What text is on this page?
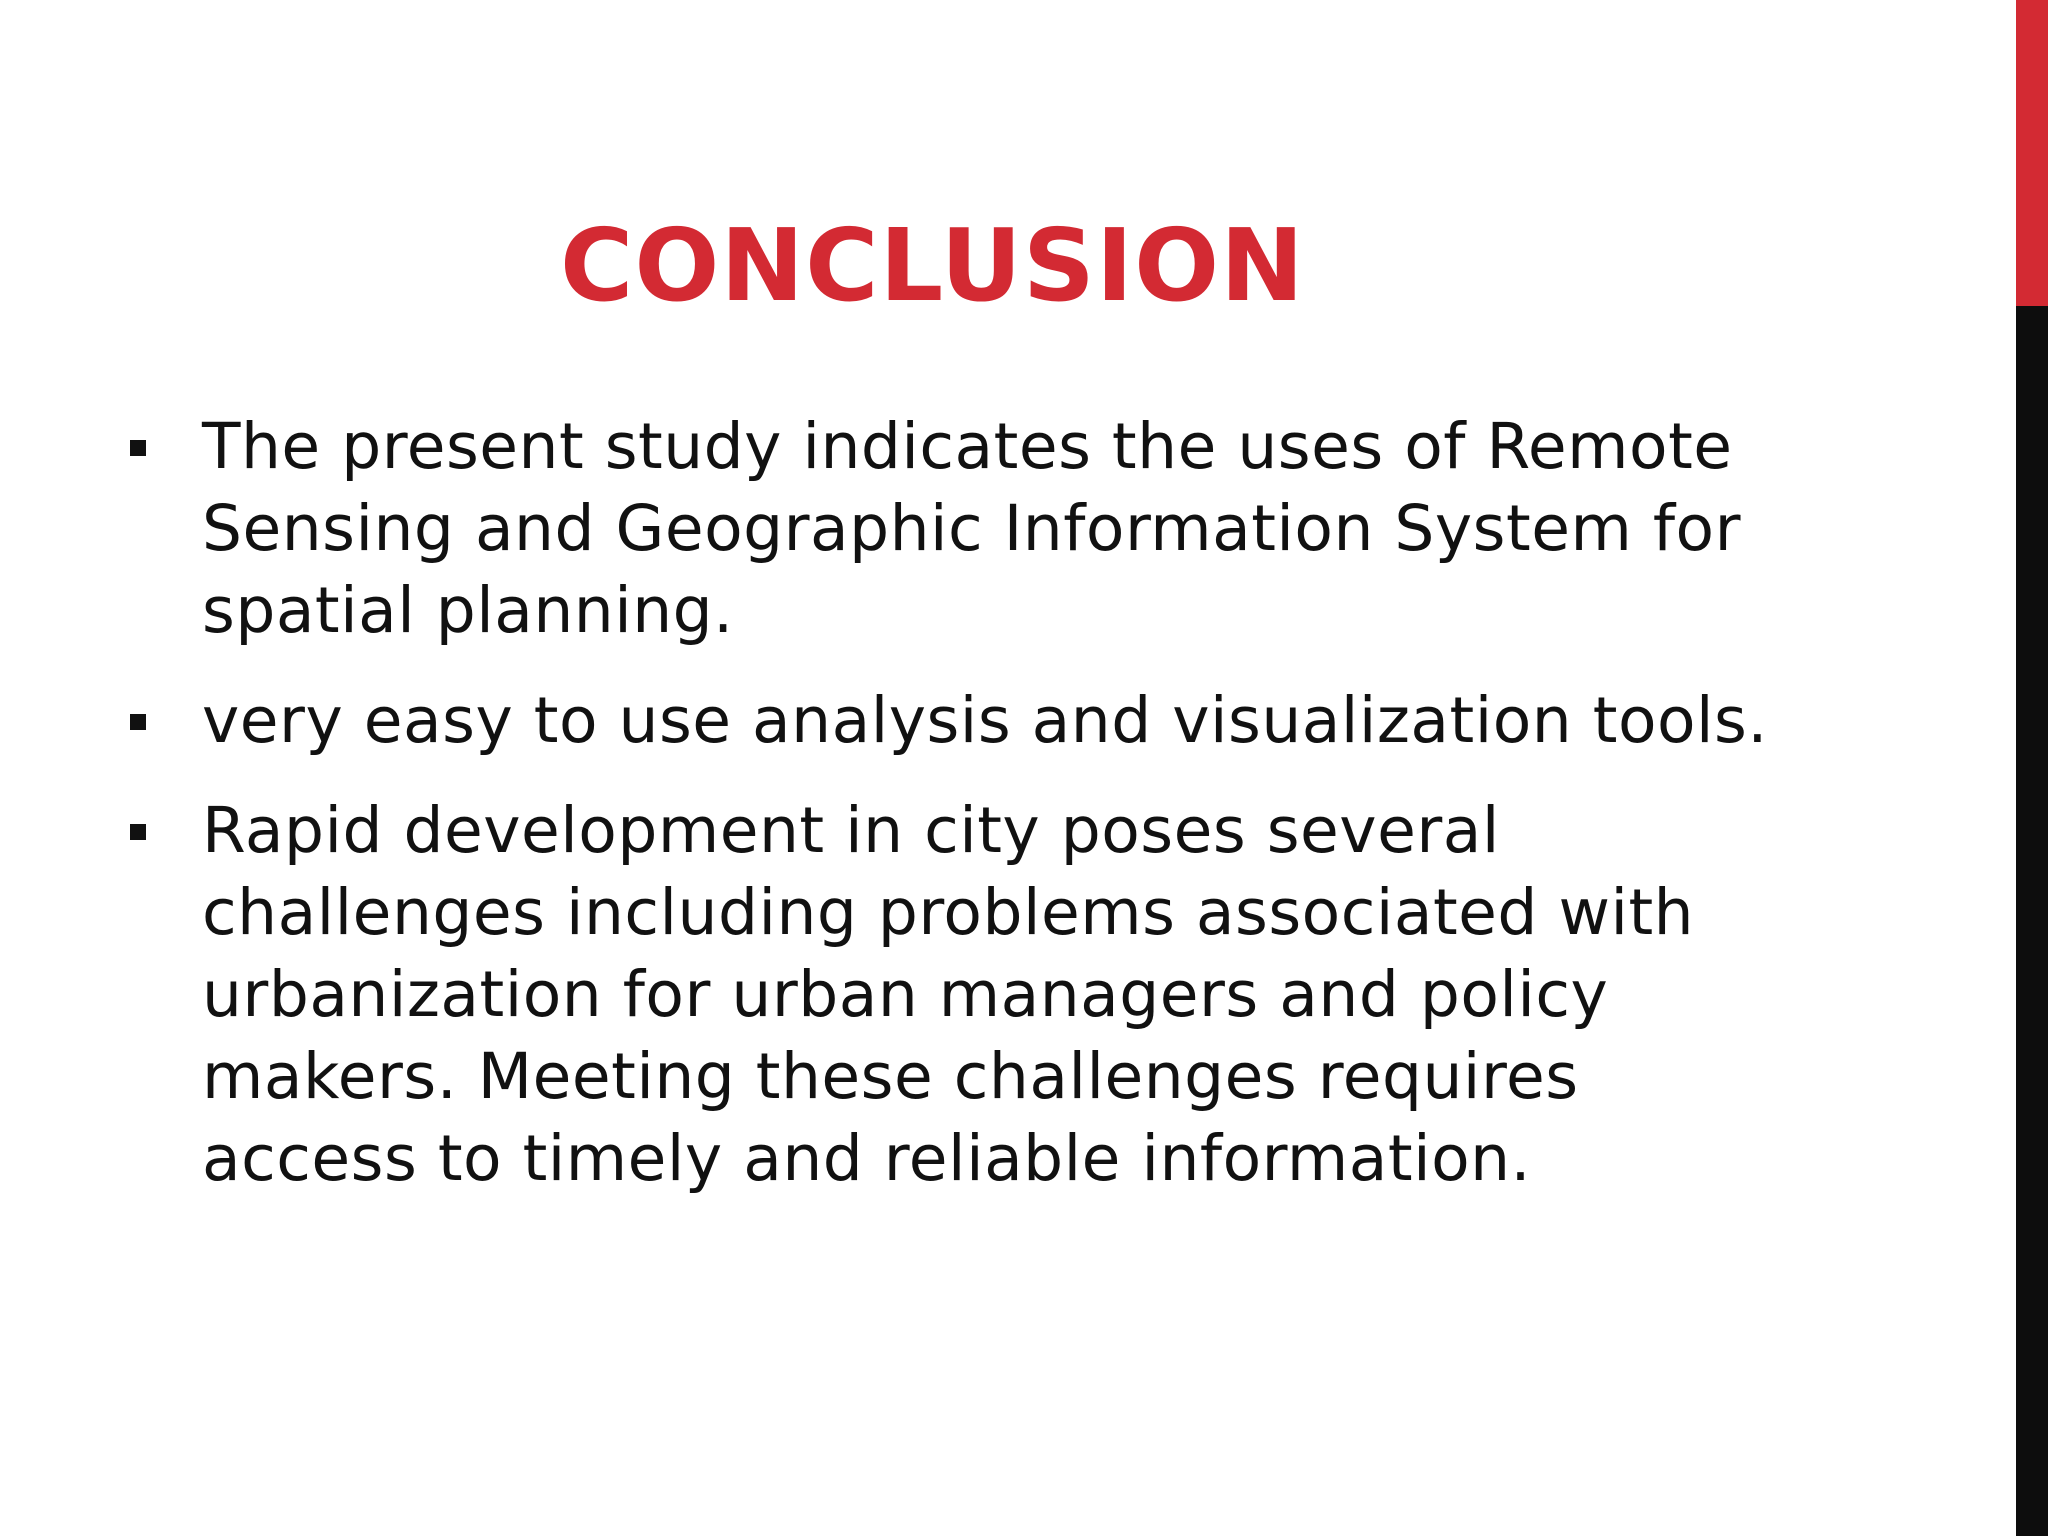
CONCLUSION
The present study indicates the uses of Remote
Sensing and Geographic Information System for
spatial planning.
very easy to use analysis and visualization tools.
Rapid development in city poses several
challenges including problems associated with
urbanization for urban managers and policy
makers. Meeting these challenges requires
access to timely and reliable information.
